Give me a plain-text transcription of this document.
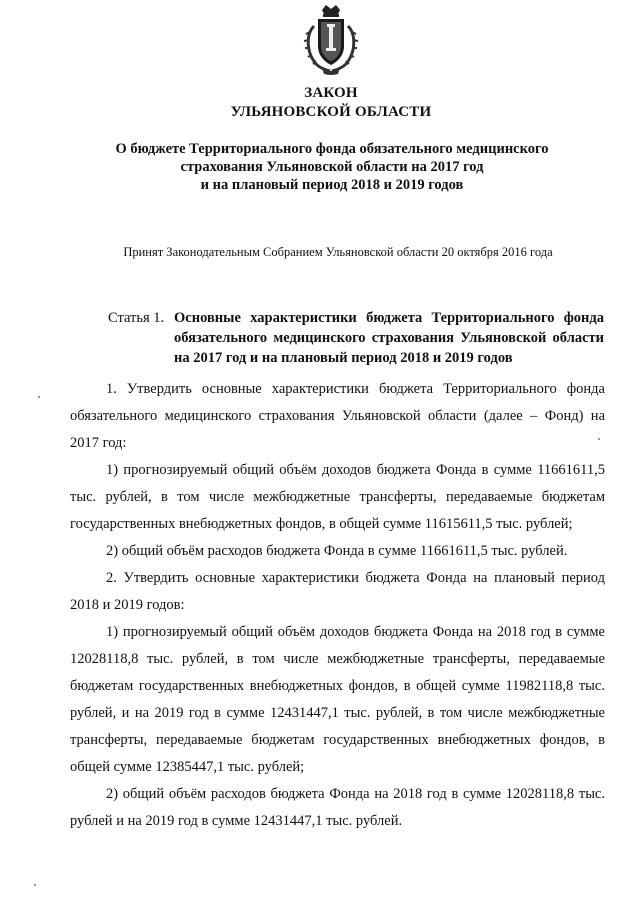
ЗАКОН
УЛЬЯНОВСКОЙ ОБЛАСТИ
О бюджете Территориального фонда обязательного медицинского
страхования Ульяновской области на 2017 год
и на плановый период 2018 и 2019 годов
Принят Законодательным Собранием Ульяновской области 20 октября 2016 года
Статья 1. Основные характеристики бюджета Территориального фонда обязательного медицинского страхования Ульяновской области на 2017 год и на плановый период 2018 и 2019 годов

1. Утвердить основные характеристики бюджета Территориального фонда обязательного медицинского страхования Ульяновской области (далее – Фонд) на 2017 год:

1) прогнозируемый общий объём доходов бюджета Фонда в сумме 11661611,5 тыс. рублей, в том числе межбюджетные трансферты, передаваемые бюджетам государственных внебюджетных фондов, в общей сумме 11615611,5 тыс. рублей;

2) общий объём расходов бюджета Фонда в сумме 11661611,5 тыс. рублей.

2. Утвердить основные характеристики бюджета Фонда на плановый период 2018 и 2019 годов:

1) прогнозируемый общий объём доходов бюджета Фонда на 2018 год в сумме 12028118,8 тыс. рублей, в том числе межбюджетные трансферты, передаваемые бюджетам государственных внебюджетных фондов, в общей сумме 11982118,8 тыс. рублей, и на 2019 год в сумме 12431447,1 тыс. рублей, в том числе межбюджетные трансферты, передаваемые бюджетам государственных внебюджетных фондов, в общей сумме 12385447,1 тыс. рублей;

2) общий объём расходов бюджета Фонда на 2018 год в сумме 12028118,8 тыс. рублей и на 2019 год в сумме 12431447,1 тыс. рублей.
